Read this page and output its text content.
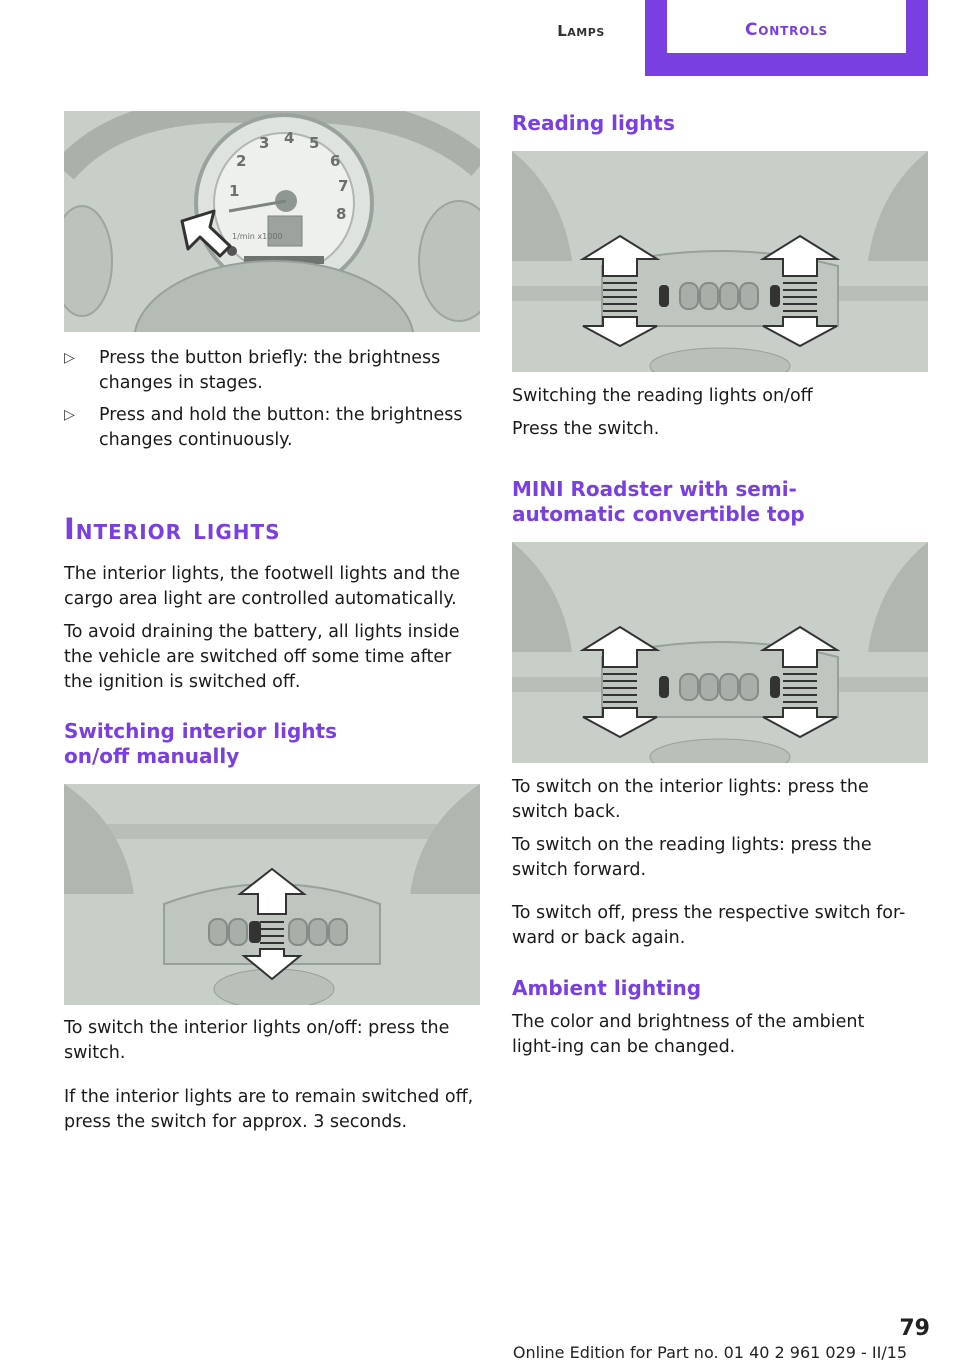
Lamps	Controls
1
2
3 4 5
6
7
8
1/min x1000
▷ Press the button briefly: the brightness changes in stages.
▷ Press and hold the button: the brightness changes continuously.
Interior lights
The interior lights, the footwell lights and the cargo area light are controlled automatically.
To avoid draining the battery, all lights inside the vehicle are switched off some time after the ignition is switched off.
Switching interior lights on/off manually
To switch the interior lights on/off: press the switch.
If the interior lights are to remain switched off, press the switch for approx. 3 seconds.
Reading lights
Switching the reading lights on/off
Press the switch.
MINI Roadster with semi-automatic convertible top
To switch on the interior lights: press the switch back.
To switch on the reading lights: press the switch forward.
To switch off, press the respective switch for-ward or back again.
Ambient lighting
The color and brightness of the ambient light-ing can be changed.
79
Online Edition for Part no. 01 40 2 961 029 - II/15
